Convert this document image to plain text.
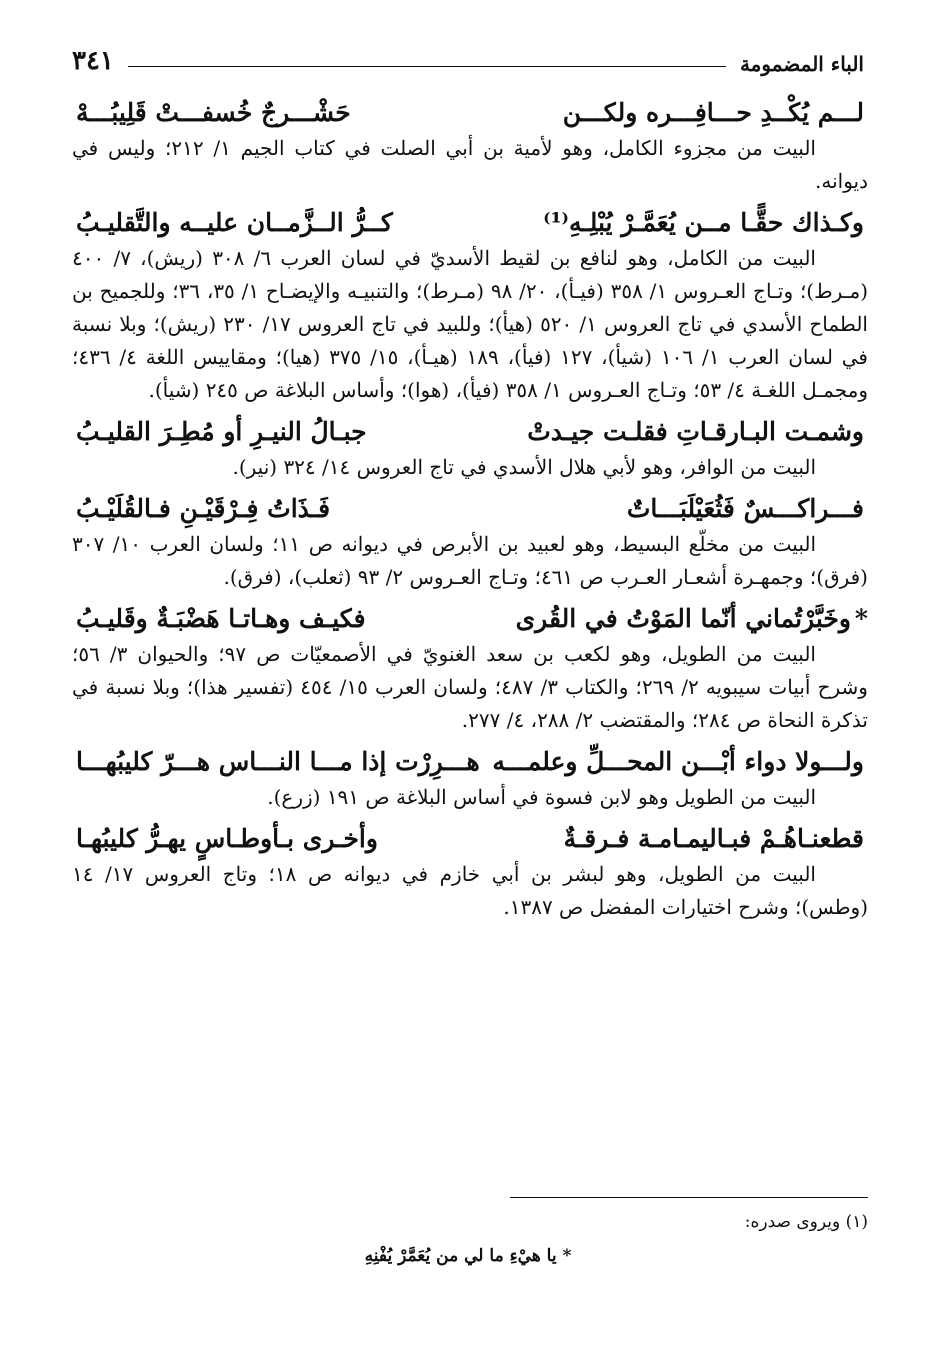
الباء المضمومة
٣٤١
لـــم يُكْــدِ حـــافِـــره ولكـــن
حَشْـــرجٌ خُسفـــتْ قَلِيبُـــهْ

البيت من مجزوء الكامل، وهو لأمية بن أبي الصلت في كتاب الجيم ١/ ٢١٢؛ وليس في ديوانه.

وكـذاك حقًّـا مــن يُعَمَّـرْ يُبْلِـهِ⁽¹⁾
كــرُّ الــزَّمــان عليــه والتَّقليـبُ

البيت من الكامل، وهو لنافع بن لقيط الأسديّ في لسان العرب ٦/ ٣٠٨ (ريش)، ٧/ ٤٠٠ (مـرط)؛ وتـاج العـروس ١/ ٣٥٨ (فيـأ)، ٢٠/ ٩٨ (مـرط)؛ والتنبيـه والإيضـاح ١/ ٣٥، ٣٦؛ وللجميح بن الطماح الأسدي في تاج العروس ١/ ٥٢٠ (هيأ)؛ وللبيد في تاج العروس ١٧/ ٢٣٠ (ريش)؛ وبلا نسبة في لسان العرب ١/ ١٠٦ (شيأ)، ١٢٧ (فيأ)، ١٨٩ (هيـأ)، ١٥/ ٣٧٥ (هيا)؛ ومقاييس اللغة ٤/ ٤٣٦؛ ومجمـل اللغـة ٤/ ٥٣؛ وتـاج العـروس ١/ ٣٥٨ (فيأ)، (هوا)؛ وأساس البلاغة ص ٢٤٥ (شيأ).

وشمـت البـارقـاتِ فقلـت جيـدتْ
جبـالُ النيـرِ أو مُطِـرَ القليـبُ

البيت من الوافر، وهو لأبي هلال الأسدي في تاج العروس ١٤/ ٣٢٤ (نير).

فـــراكـــسٌ فَثُعَيْلَبَـــاتٌ
فَـذَاتُ فِـرْقَيْـنِ فـالقُلَيْـبُ

البيت من مخلّع البسيط، وهو لعبيد بن الأبرص في ديوانه ص ١١؛ ولسان العرب ١٠/ ٣٠٧ (فرق)؛ وجمهـرة أشعـار العـرب ص ٤٦١؛ وتـاج العـروس ٢/ ٩٣ (ثعلب)، (فرق).

*وخَبَّرْتُماني أنّما المَوْتُ في القُرى
فكيـف وهـاتـا هَضْبَـةٌ وقَليـبُ

البيت من الطويل، وهو لكعب بن سعد الغنويّ في الأصمعيّات ص ٩٧؛ والحيوان ٣/ ٥٦؛ وشرح أبيات سيبويه ٢/ ٢٦٩؛ والكتاب ٣/ ٤٨٧؛ ولسان العرب ١٥/ ٤٥٤ (تفسير هذا)؛ وبلا نسبة في تذكرة النحاة ص ٢٨٤؛ والمقتضب ٢/ ٢٨٨، ٤/ ٢٧٧.

ولـــولا دواء أبْـــن المحـــلِّ وعلمـــه
هـــرِرْت إذا مـــا النـــاس هـــرّ كليبُهـــا

البيت من الطويل وهو لابن فسوة في أساس البلاغة ص ١٩١ (زرع).

قطعنـاهُـمْ فبـاليمـامـة فـرقـةٌ
وأخـرى بـأوطـاسٍ يهـرُّ كليبُهـا

البيت من الطويل، وهو لبشر بن أبي خازم في ديوانه ص ١٨؛ وتاج العروس ١٧/ ١٤ (وطس)؛ وشرح اختيارات المفضل ص ١٣٨٧.

(١) ويروى صدره:
* يا هيْءِ ما لي من يُعَمَّرْ يُفْنِهِ
